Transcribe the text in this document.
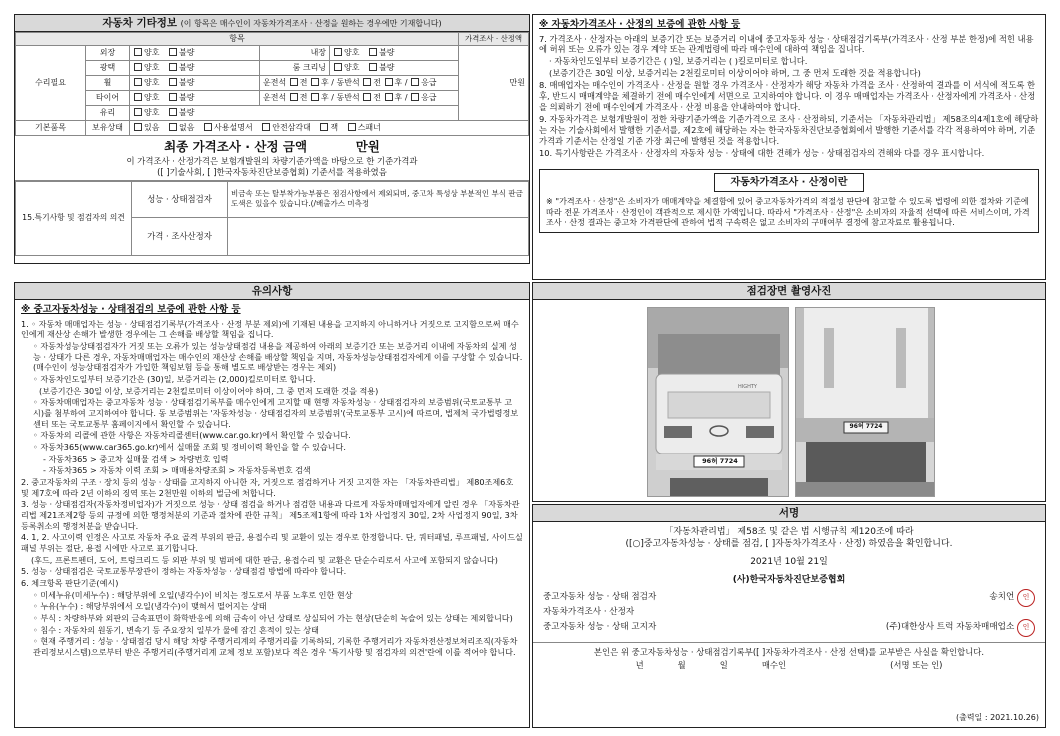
자동차 기타정보 (이 항목은 매수인이 자동차가격조사 · 산정을 원하는 경우에만 기재합니다)
항목					가격조사 · 산정액
수리필요	외장	양호 불량	내장	양호 불량	만원
	광택	양호 불량	룸 크리닝	양호 불량	
	휠	양호 불량	운전석 전 후 / 동반석 전 후 / 응급		
	타이어	양호 불량	운전석 전 후 / 동반석 전 후 / 응급		
	유리	양호 불량			
기본품목	보유상태	있음 없음 사용설명서 안전삼각대 잭 스패너			
최종 가격조사 · 산정 금액	만원
이 가격조사 · 산정가격은 보험개발원의 차량기준가액을 바탕으로 한 기준가격과
([ ]기술사회, [ ]한국자동차진단보증협회) 기준서를 적용하였음
15.특기사항 및 점검자의 의견	성능 · 상태점검자	비금속 또는 탈부착가능부품은 점검사항에서 제외되며, 중고차 특성상 부분적인 부식 판금 도색은 있을수 있습니다.(/배출가스 미측정
	가격 · 조사산정자	
※ 자동차가격조사 · 산정의 보증에 관한 사항 등
7. 가격조사 · 산정자는 아래의 보증기간 또는 보증거리 이내에 중고자동차 성능 · 상태점검기록부(가격조사 · 산정 부분 한정)에 적힌 내용에 허위 또는 오류가 있는 경우 계약 또는 관계법령에 따라 매수인에 대하여 책임을 집니다.
· 자동차인도일부터 보증기간은 ( )일, 보증거리는 ( )킬로미터로 합니다.
(보증기간은 30일 이상, 보증거리는 2천킬로미터 이상이어야 하며, 그 중 먼저 도래한 것을 적용합니다)
8. 매매업자는 매수인이 가격조사 · 산정을 원할 경우 가격조사 · 산정자가 해당 자동차 가격을 조사 · 산정하여 결과를 이 서식에 적도록 한 후, 반드시 매매계약을 체결하기 전에 매수인에게 서면으로 고지하여야 합니다. 이 경우 매매업자는 가격조사 · 산정자에게 가격조사 · 산정을 의뢰하기 전에 매수인에게 가격조사 · 산정 비용을 안내하여야 합니다.
9. 자동차가격은 보험개발원이 정한 차량기준가액을 기준가격으로 조사 · 산정하되, 기준서는 「자동차관리법」 제58조의4제1호에 해당하는 자는 기술사회에서 발행한 기준서를, 제2호에 해당하는 자는 한국자동차진단보증협회에서 발행한 기준서를 각각 적용하여야 하며, 기준가격과 기준서는 산정일 기준 가장 최근에 발행된 것을 적용합니다.
10. 특기사항란은 가격조사 · 산정자의 자동차 성능 · 상태에 대한 견해가 성능 · 상태점검자의 견해와 다를 경우 표시합니다.
자동차가격조사 · 산정이란
※ "가격조사 · 산정"은 소비자가 매매계약을 체결함에 있어 중고자동차가격의 적절성 판단에 참고할 수 있도록 법령에 의한 절차와 기준에 따라 전문 가격조사 · 산정인이 객관적으로 제시한 가액입니다. 따라서 "가격조사 · 산정"은 소비자의 자율적 선택에 따른 서비스이며, 가격조사 · 산정 결과는 중고차 가격판단에 관하여 법적 구속력은 없고 소비자의 구매여부 결정에 참고자료로 활용됩니다.
유의사항
※ 중고자동차성능 · 상태점검의 보증에 관한 사항 등
1. ◦ 자동차 매매업자는 성능 · 상태점검기록부(가격조사 · 산정 부분 제외)에 기재된 내용을 고지하지 아니하거나 거짓으로 고지함으로써 매수인에게 재산상 손해가 발생한 경우에는 그 손해를 배상할 책임을 집니다.
◦ 자동차성능상태점검자가 거짓 또는 오류가 있는 성능상태점검 내용을 제공하여 아래의 보증기간 또는 보증거리 이내에 자동차의 실제 성능 · 상태가 다른 경우, 자동차매매업자는 매수인의 재산상 손해를 배상할 책임을 지며, 자동차성능상태점검자에게 이를 구상할 수 있습니다. (매수인이 성능상태점검자가 가입한 책임보험 등을 통해 별도로 배상받는 경우는 제외)
◦ 자동차인도일부터 보증기간은 (30)일, 보증거리는 (2,000)킬로미터로 합니다.
(보증기간은 30일 이상, 보증거리는 2천킬로미터 이상이어야 하며, 그 중 먼저 도래한 것을 적용)
◦ 자동차매매업자는 중고자동차 성능 · 상태점검기록부를 매수인에게 고지할 때 현행 자동차성능 · 상태점검자의 보증범위(국토교통부 고시)를 첨부하여 고지하여야 합니다. 동 보증범위는 '자동차성능 · 상태점검자의 보증범위'(국토교통부 고시)에 따르며, 법제처 국가법령정보센터 또는 국토교통부 홈페이지에서 확인할 수 있습니다.
◦ 자동차의 리콜에 관한 사항은 자동차리콜센터(www.car.go.kr)에서 확인할 수 있습니다.
◦ 자동차365(www.car365.go.kr)에서 실매물 조회 및 정비이력 확인을 할 수 있습니다.
- 자동차365 > 중고차 실매물 검색 > 차량번호 입력
- 자동차365 > 자동차 이력 조회 > 매매용차량조회 > 자동차등록번호 검색
2. 중고자동차의 구조 · 장치 등의 성능 · 상태를 고지하지 아니한 자, 거짓으로 점검하거나 거짓 고지한 자는 「자동차관리법」 제80조제6호 및 제7호에 따라 2년 이하의 징역 또는 2천만원 이하의 벌금에 처합니다.
3. 성능 · 상태점검자(자동차정비업자)가 거짓으로 성능 · 상태 점검을 하거나 점검한 내용과 다르게 자동차매매업자에게 알린 경우 「자동차관리법 제21조제2항 등의 규정에 의한 행정처분의 기준과 절차에 관한 규칙」 제5조제1항에 따라 1차 사업정지 30일, 2차 사업정지 90일, 3차 등록취소의 행정처분을 받습니다.
4. 1, 2. 사고이력 인정은 사고로 자동차 주요 골격 부위의 판금, 용접수리 및 교환이 있는 경우로 한정합니다. 단, 쿼터패널, 루프패널, 사이드실패널 부위는 절단, 용접 시에만 사고로 표기합니다.
(후드, 프론트펜더, 도어, 트렁크리드 등 외판 부위 및 범퍼에 대한 판금, 용접수리 및 교환은 단순수리로서 사고에 포함되지 않습니다)
5. 성능 · 상태점검은 국토교통부장관이 정하는 자동차성능 · 상태점검 방법에 따라야 합니다.
6. 체크항목 판단기준(예시)
◦ 미세누유(미세누수) : 해당부위에 오일(냉각수)이 비치는 정도로서 부품 노후로 인한 현상
◦ 누유(누수) : 해당부위에서 오일(냉각수)이 맺혀서 떨어지는 상태
◦ 부식 : 차량하부와 외판의 금속표면이 화학반응에 의해 금속이 아닌 상태로 상실되어 가는 현상(단순히 녹슬어 있는 상태는 제외합니다)
◦ 침수 : 자동차의 원동기, 변속기 등 주요장치 일부가 물에 잠긴 흔적이 있는 상태
◦ 현재 주행거리 : 성능 · 상태점검 당시 해당 차량 주행거리계의 주행거리를 기록하되, 기록한 주행거리가 자동차전산정보처리조직(자동차관리정보시스템)으로부터 받은 주행거리(주행거리계 교체 정보 포함)보다 적은 경우 '특기사항 및 점검자의 의견'란에 이를 적어야 합니다.
점검장면 촬영사진
HIGHTY
96허 7724
96허 7724
서명
「자동차관리법」 제58조 및 같은 법 시행규칙 제120조에 따라
([○]중고자동차성능 · 상태를 점검, [ ]자동차가격조사 · 산정) 하였음을 확인합니다.
2021년 10월 21일
(사)한국자동차진단보증협회
중고자동차 성능 · 상태 점검자	송치언 인
자동차가격조사 · 산정자
중고자동차 성능 · 상태 고지자	(주)대한상사 트럭 자동차매매업소 인
본인은 위 중고자동차성능 · 상태점검기록부([ ]자동차가격조사 · 산정 선택)를 교부받은 사실을 확인합니다.
년	월	일	매수인	(서명 또는 인)
(출력일 : 2021.10.26)
